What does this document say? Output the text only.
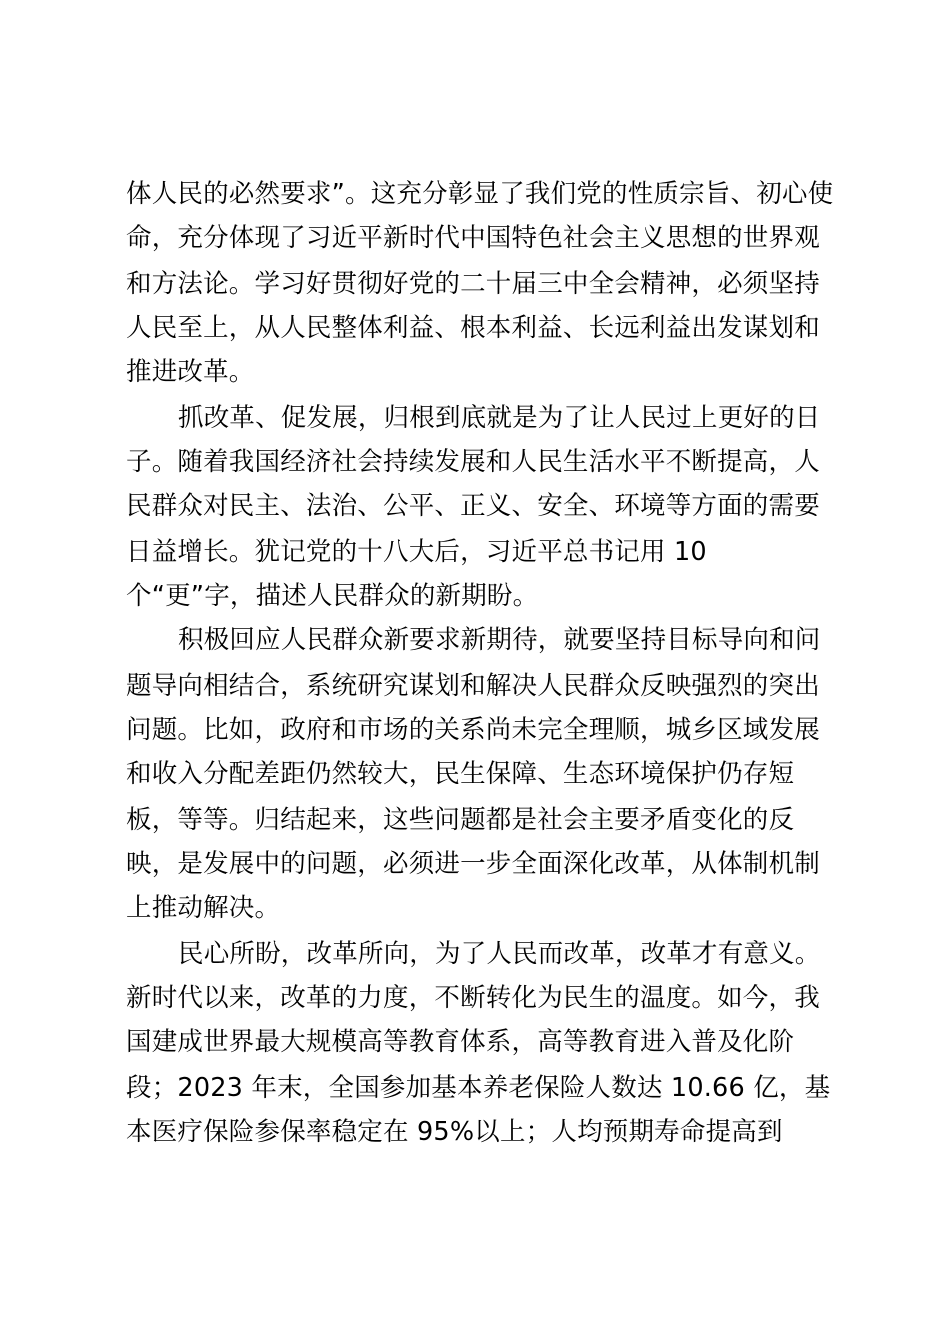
体人民的必然要求”。这充分彰显了我们党的性质宗旨、初心使
命，充分体现了习近平新时代中国特色社会主义思想的世界观
和方法论。学习好贯彻好党的二十届三中全会精神，必须坚持
人民至上，从人民整体利益、根本利益、长远利益出发谋划和
推进改革。
抓改革、促发展，归根到底就是为了让人民过上更好的日
子。随着我国经济社会持续发展和人民生活水平不断提高，人
民群众对民主、法治、公平、正义、安全、环境等方面的需要
日益增长。犹记党的十八大后，习近平总书记用 10
个“更”字，描述人民群众的新期盼。
积极回应人民群众新要求新期待，就要坚持目标导向和问
题导向相结合，系统研究谋划和解决人民群众反映强烈的突出
问题。比如，政府和市场的关系尚未完全理顺，城乡区域发展
和收入分配差距仍然较大，民生保障、生态环境保护仍存短
板，等等。归结起来，这些问题都是社会主要矛盾变化的反
映，是发展中的问题，必须进一步全面深化改革，从体制机制
上推动解决。
民心所盼，改革所向，为了人民而改革，改革才有意义。
新时代以来，改革的力度，不断转化为民生的温度。如今，我
国建成世界最大规模高等教育体系，高等教育进入普及化阶
段；2023 年末，全国参加基本养老保险人数达 10.66 亿，基
本医疗保险参保率稳定在 95%以上；人均预期寿命提高到
